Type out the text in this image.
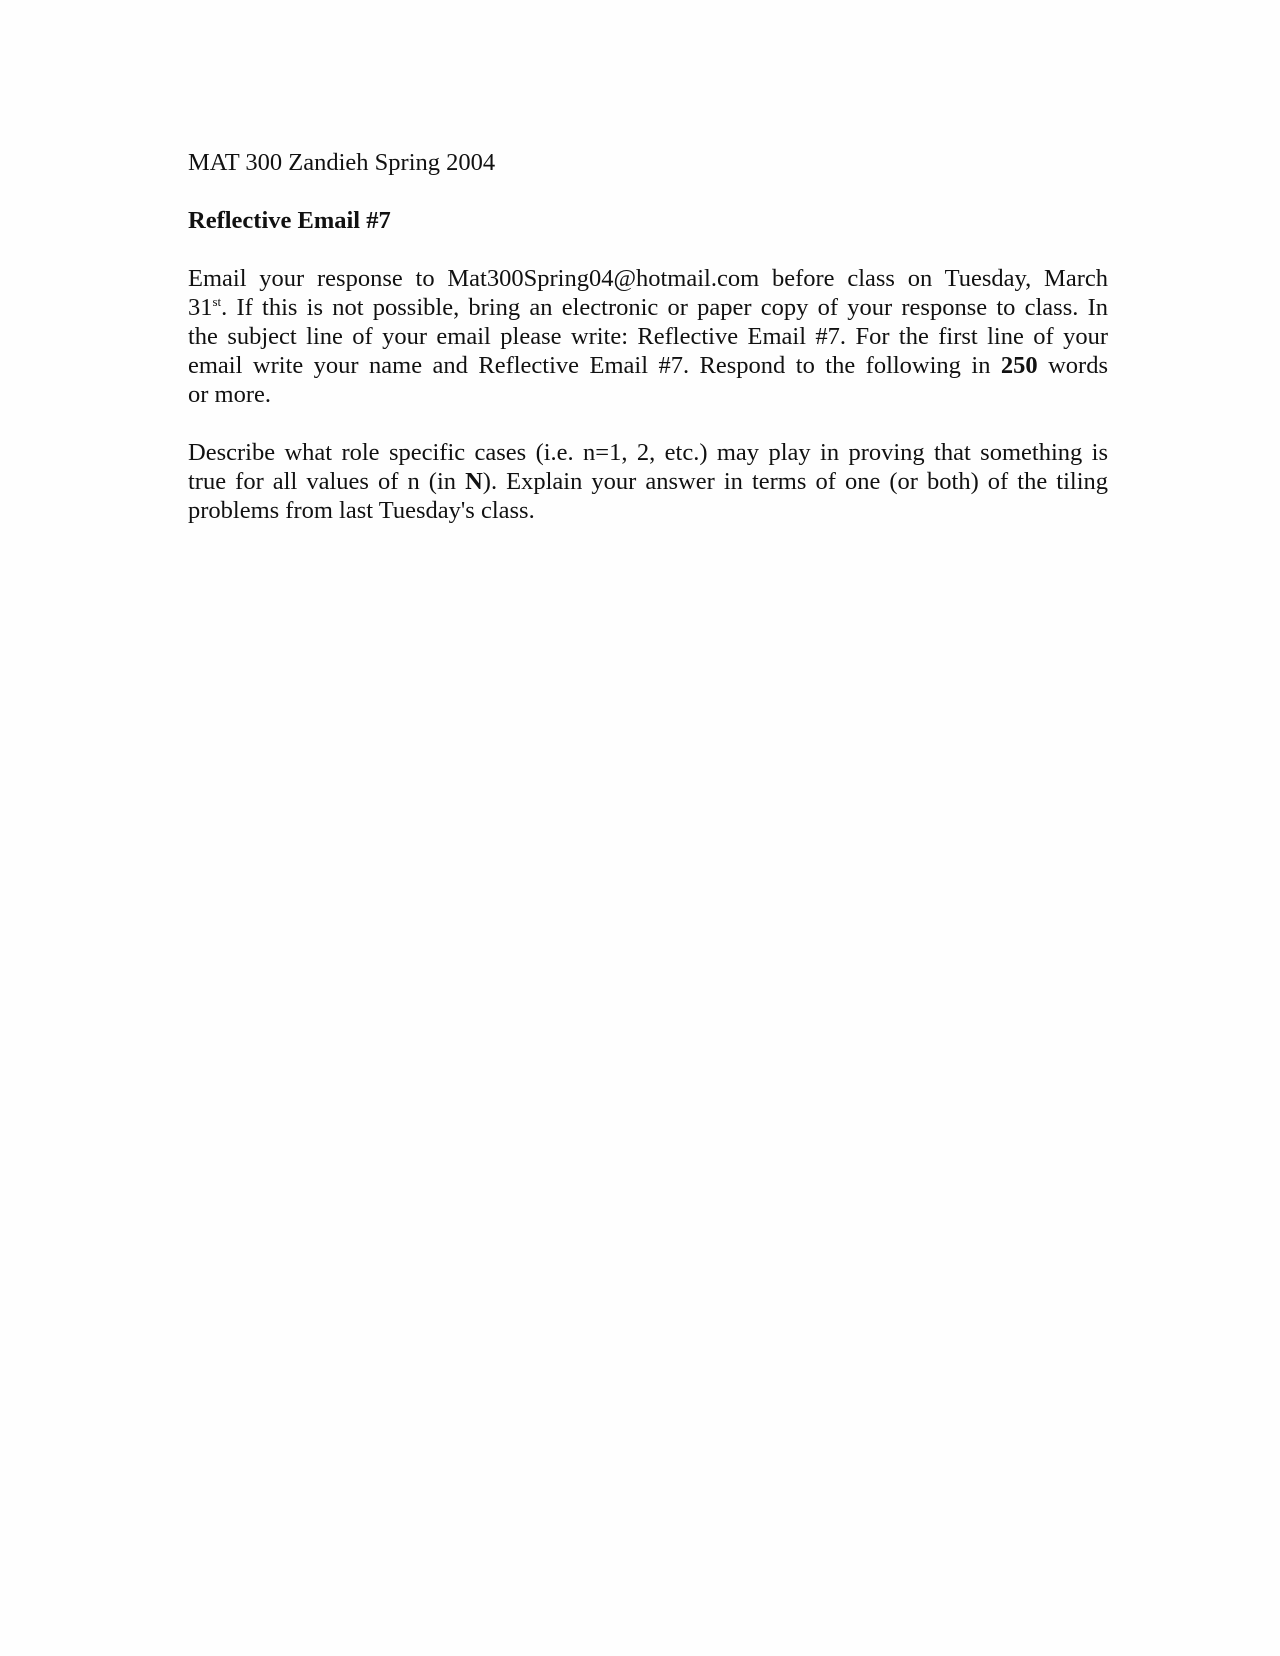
MAT 300 Zandieh Spring 2004
Reflective Email #7
Email your response to Mat300Spring04@hotmail.com before class on Tuesday, March
31st. If this is not possible, bring an electronic or paper copy of your response to class. In
the subject line of your email please write: Reflective Email #7. For the first line of your
email write your name and Reflective Email #7. Respond to the following in 250 words
or more.
Describe what role specific cases (i.e. n=1, 2, etc.) may play in proving that something is
true for all values of n (in N). Explain your answer in terms of one (or both) of the tiling
problems from last Tuesday's class.
